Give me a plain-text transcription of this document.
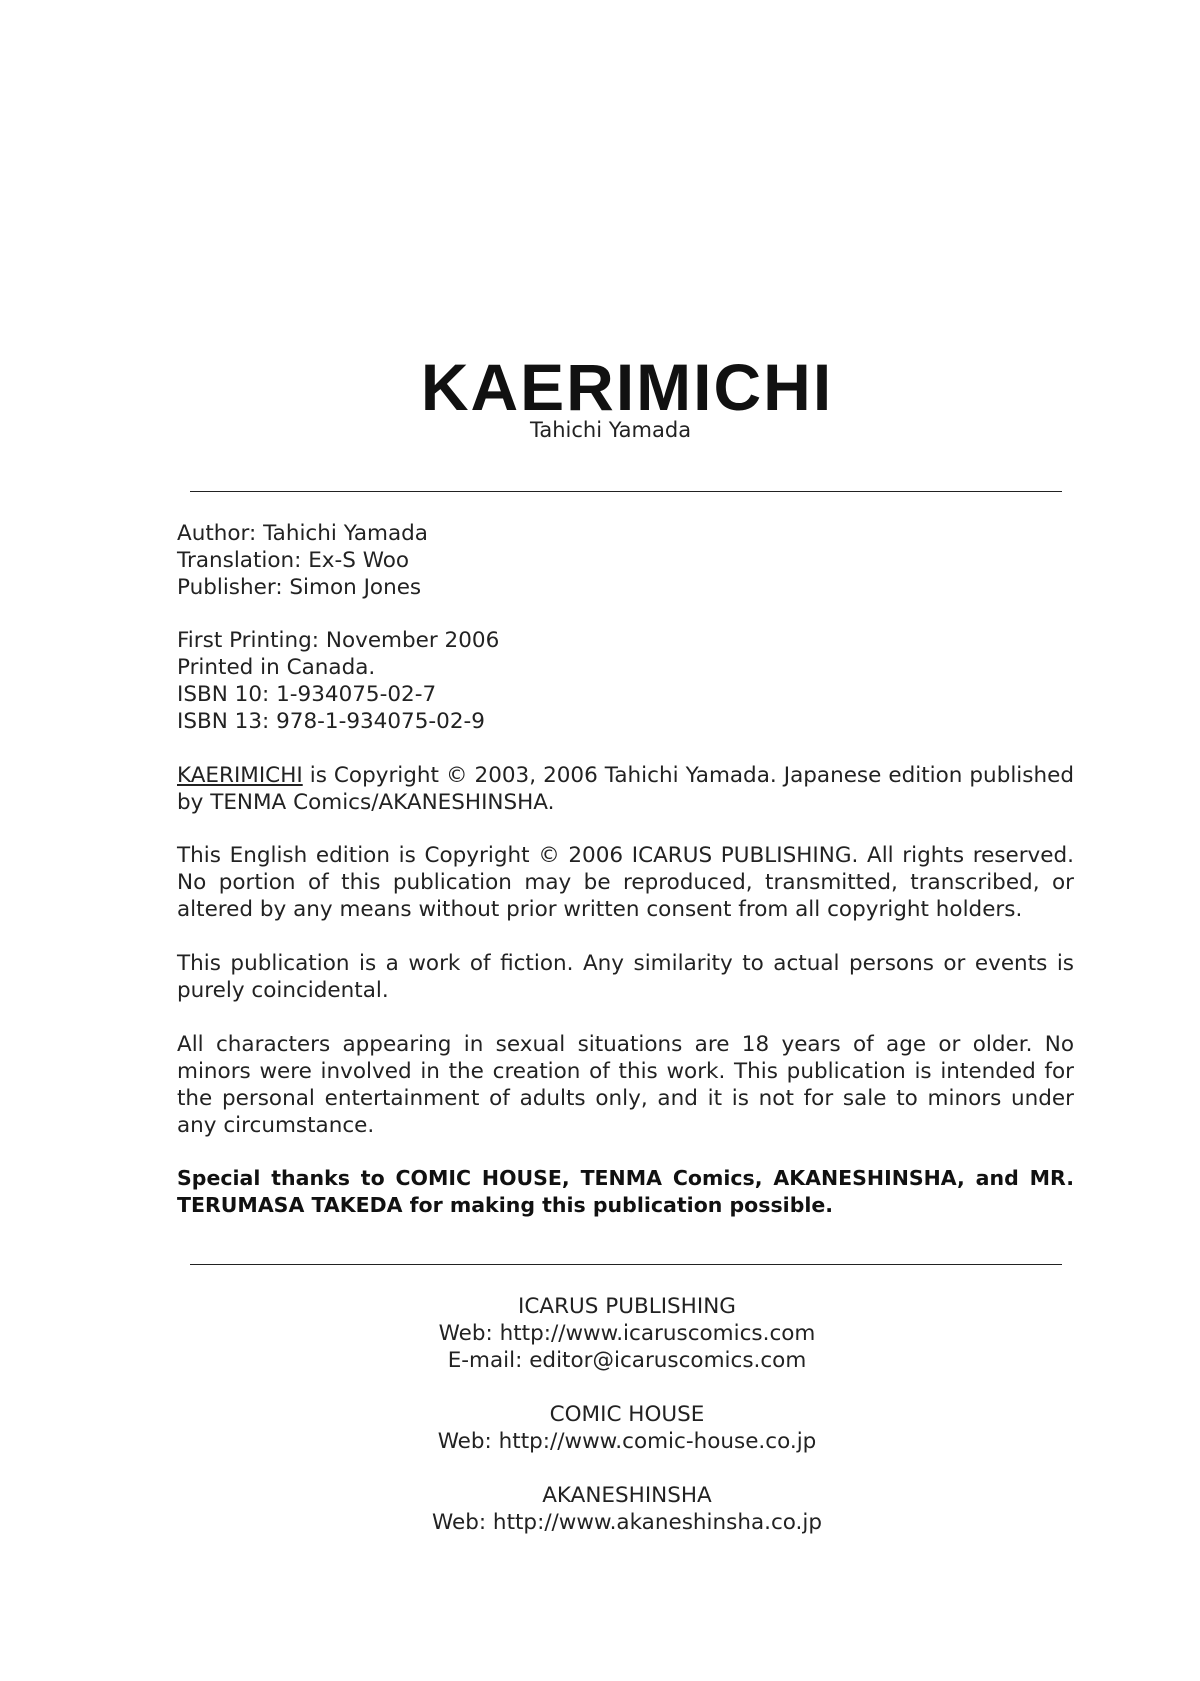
KAERIMICHI
Tahichi Yamada
Author: Tahichi Yamada
Translation: Ex-S Woo
Publisher: Simon Jones
First Printing: November 2006
Printed in Canada.
ISBN 10: 1-934075-02-7
ISBN 13: 978-1-934075-02-9
KAERIMICHI is Copyright © 2003, 2006 Tahichi Yamada. Japanese edition published by TENMA Comics/AKANESHINSHA.
This English edition is Copyright © 2006 ICARUS PUBLISHING. All rights reserved. No portion of this publication may be reproduced, transmitted, transcribed, or altered by any means without prior written consent from all copyright holders.
This publication is a work of fiction. Any similarity to actual persons or events is purely coincidental.
All characters appearing in sexual situations are 18 years of age or older. No minors were involved in the creation of this work. This publication is intended for the personal entertainment of adults only, and it is not for sale to minors under any circumstance.
Special thanks to COMIC HOUSE, TENMA Comics, AKANESHINSHA, and MR. TERUMASA TAKEDA for making this publication possible.
ICARUS PUBLISHING
Web: http://www.icaruscomics.com
E-mail: editor@icaruscomics.com
COMIC HOUSE
Web: http://www.comic-house.co.jp
AKANESHINSHA
Web: http://www.akaneshinsha.co.jp
